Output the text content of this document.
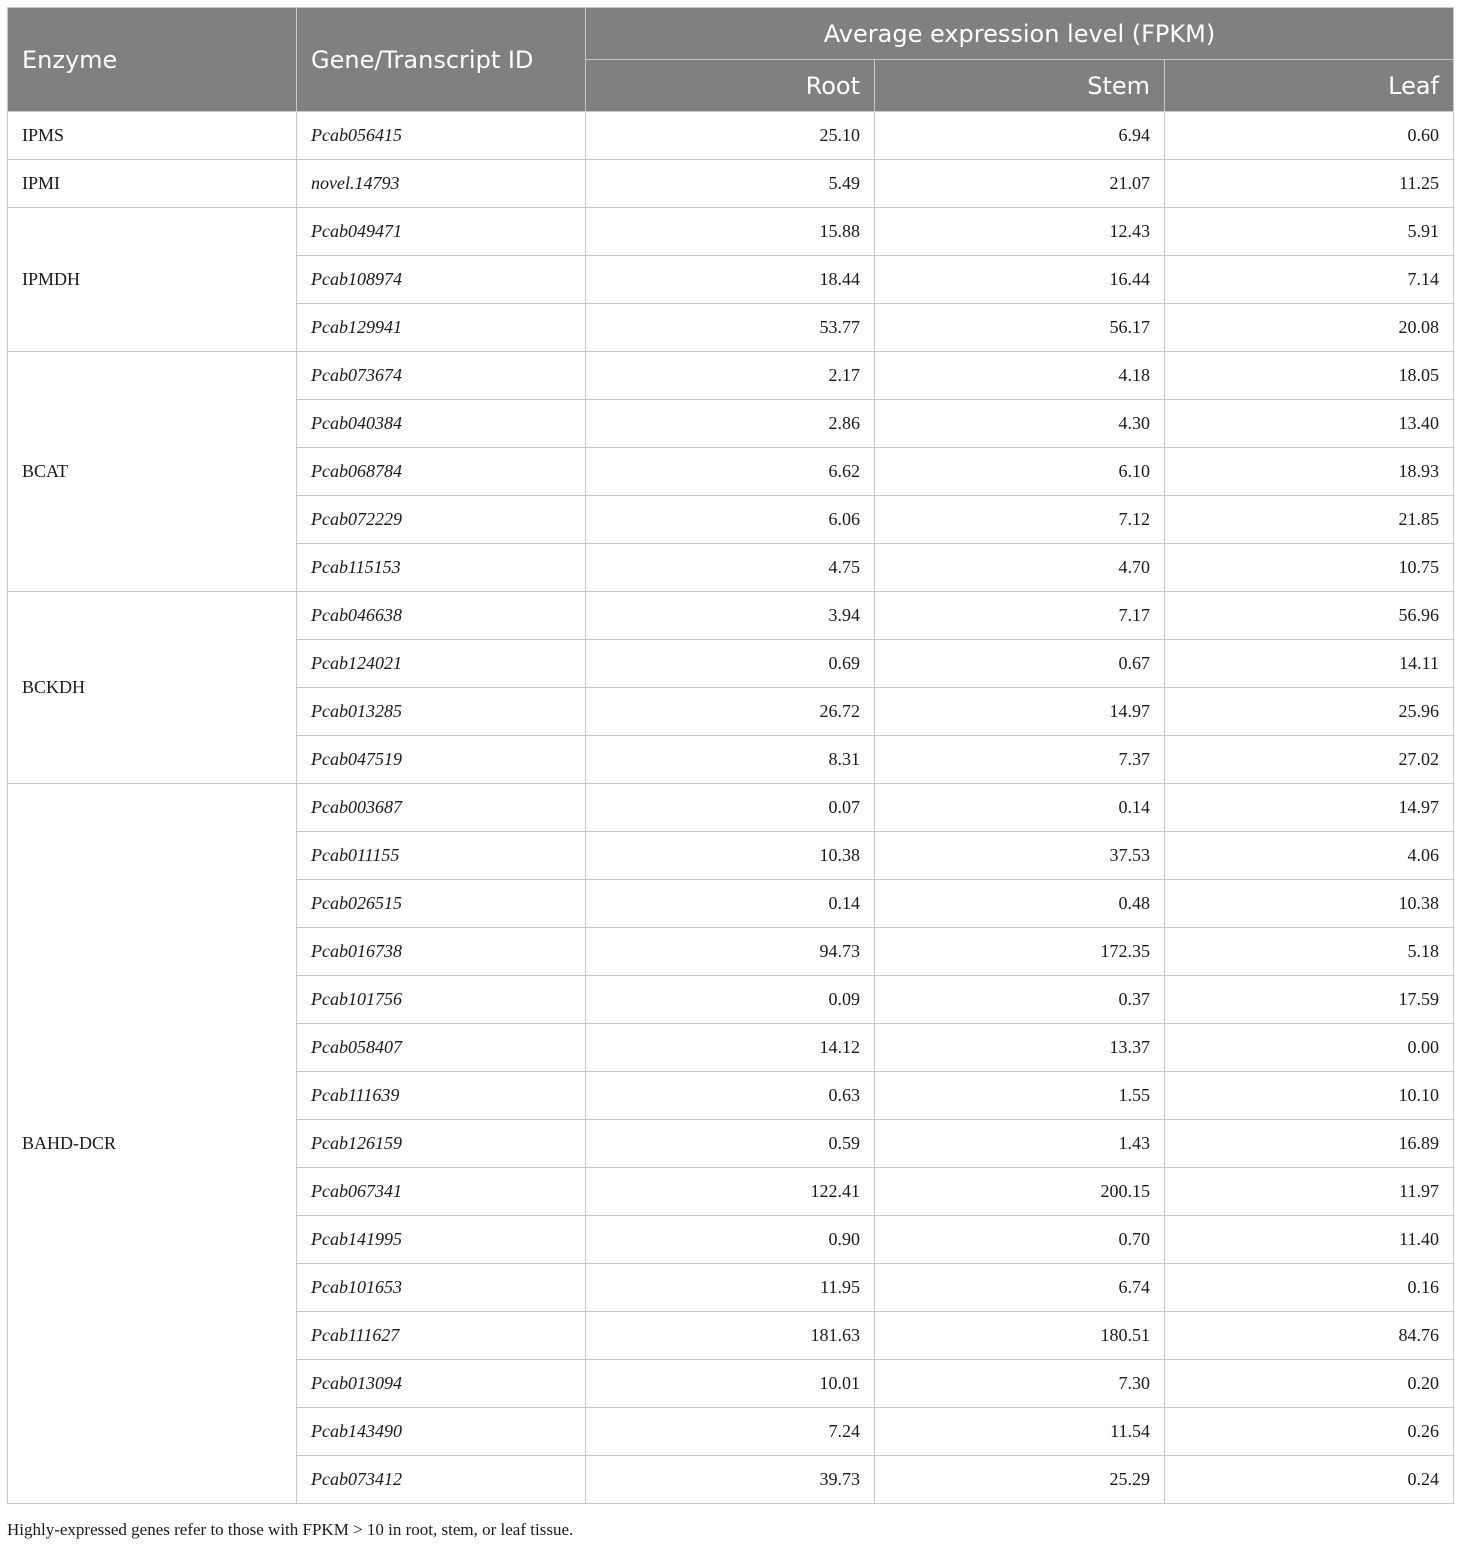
Enzyme	Gene/Transcript ID	Average expression level (FPKM)		
		Root	Stem	Leaf
IPMS	Pcab056415	25.10	6.94	0.60
IPMI	novel.14793	5.49	21.07	11.25
IPMDH	Pcab049471	15.88	12.43	5.91
	Pcab108974	18.44	16.44	7.14
	Pcab129941	53.77	56.17	20.08
BCAT	Pcab073674	2.17	4.18	18.05
	Pcab040384	2.86	4.30	13.40
	Pcab068784	6.62	6.10	18.93
	Pcab072229	6.06	7.12	21.85
	Pcab115153	4.75	4.70	10.75
BCKDH	Pcab046638	3.94	7.17	56.96
	Pcab124021	0.69	0.67	14.11
	Pcab013285	26.72	14.97	25.96
	Pcab047519	8.31	7.37	27.02
BAHD-DCR	Pcab003687	0.07	0.14	14.97
	Pcab011155	10.38	37.53	4.06
	Pcab026515	0.14	0.48	10.38
	Pcab016738	94.73	172.35	5.18
	Pcab101756	0.09	0.37	17.59
	Pcab058407	14.12	13.37	0.00
	Pcab111639	0.63	1.55	10.10
	Pcab126159	0.59	1.43	16.89
	Pcab067341	122.41	200.15	11.97
	Pcab141995	0.90	0.70	11.40
	Pcab101653	11.95	6.74	0.16
	Pcab111627	181.63	180.51	84.76
	Pcab013094	10.01	7.30	0.20
	Pcab143490	7.24	11.54	0.26
	Pcab073412	39.73	25.29	0.24
Highly-expressed genes refer to those with FPKM > 10 in root, stem, or leaf tissue.
